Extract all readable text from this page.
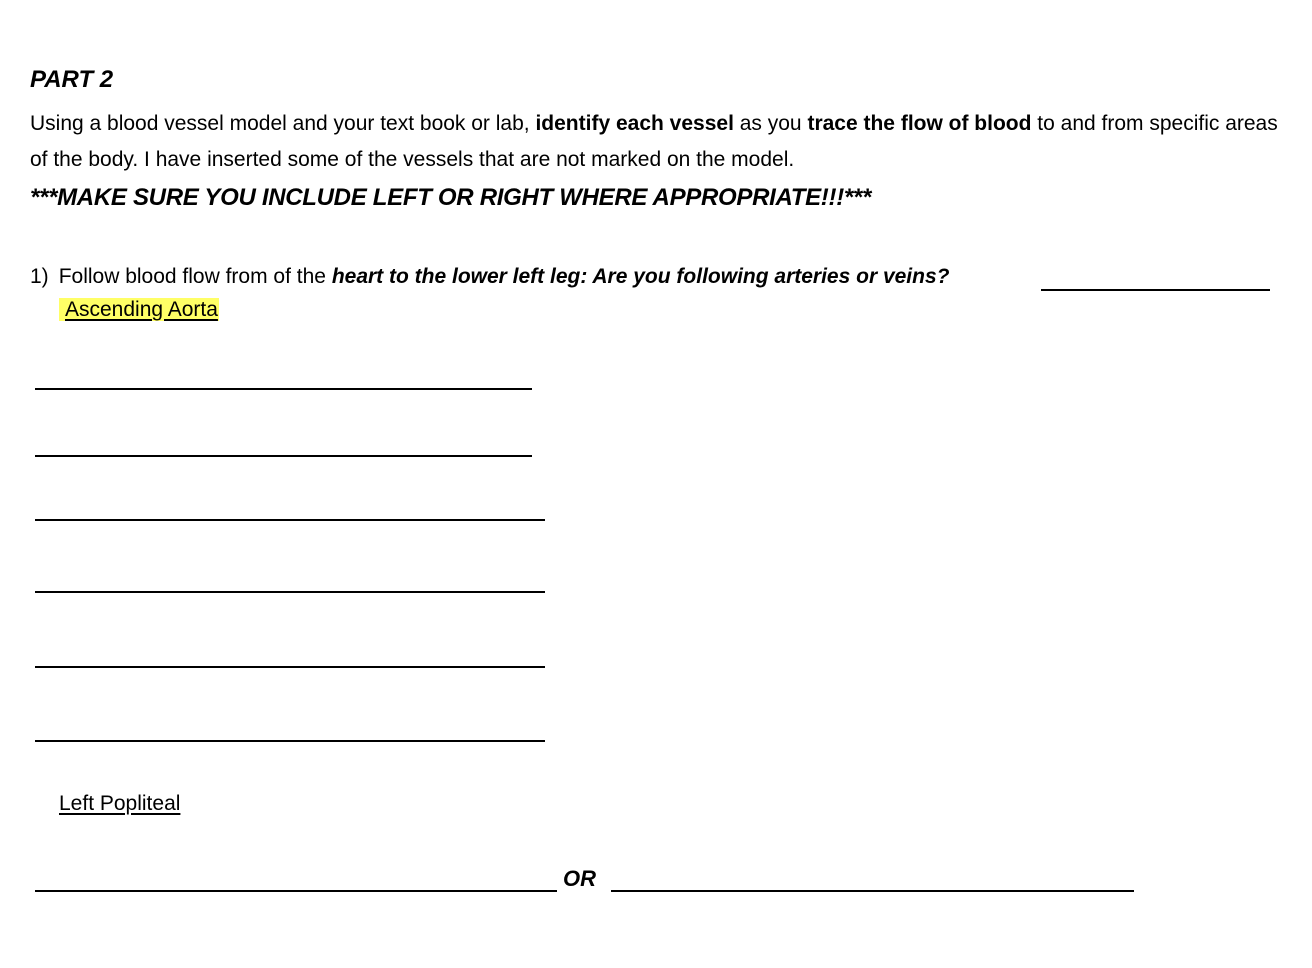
PART 2
Using a blood vessel model and your text book or lab, identify each vessel as you trace the flow of blood to and from specific areas of the body. I have inserted some of the vessels that are not marked on the model.
***MAKE SURE YOU INCLUDE LEFT OR RIGHT WHERE APPROPRIATE!!!***
1) Follow blood flow from of the heart to the lower left leg: Are you following arteries or veins?
Ascending Aorta
Left Popliteal
OR
